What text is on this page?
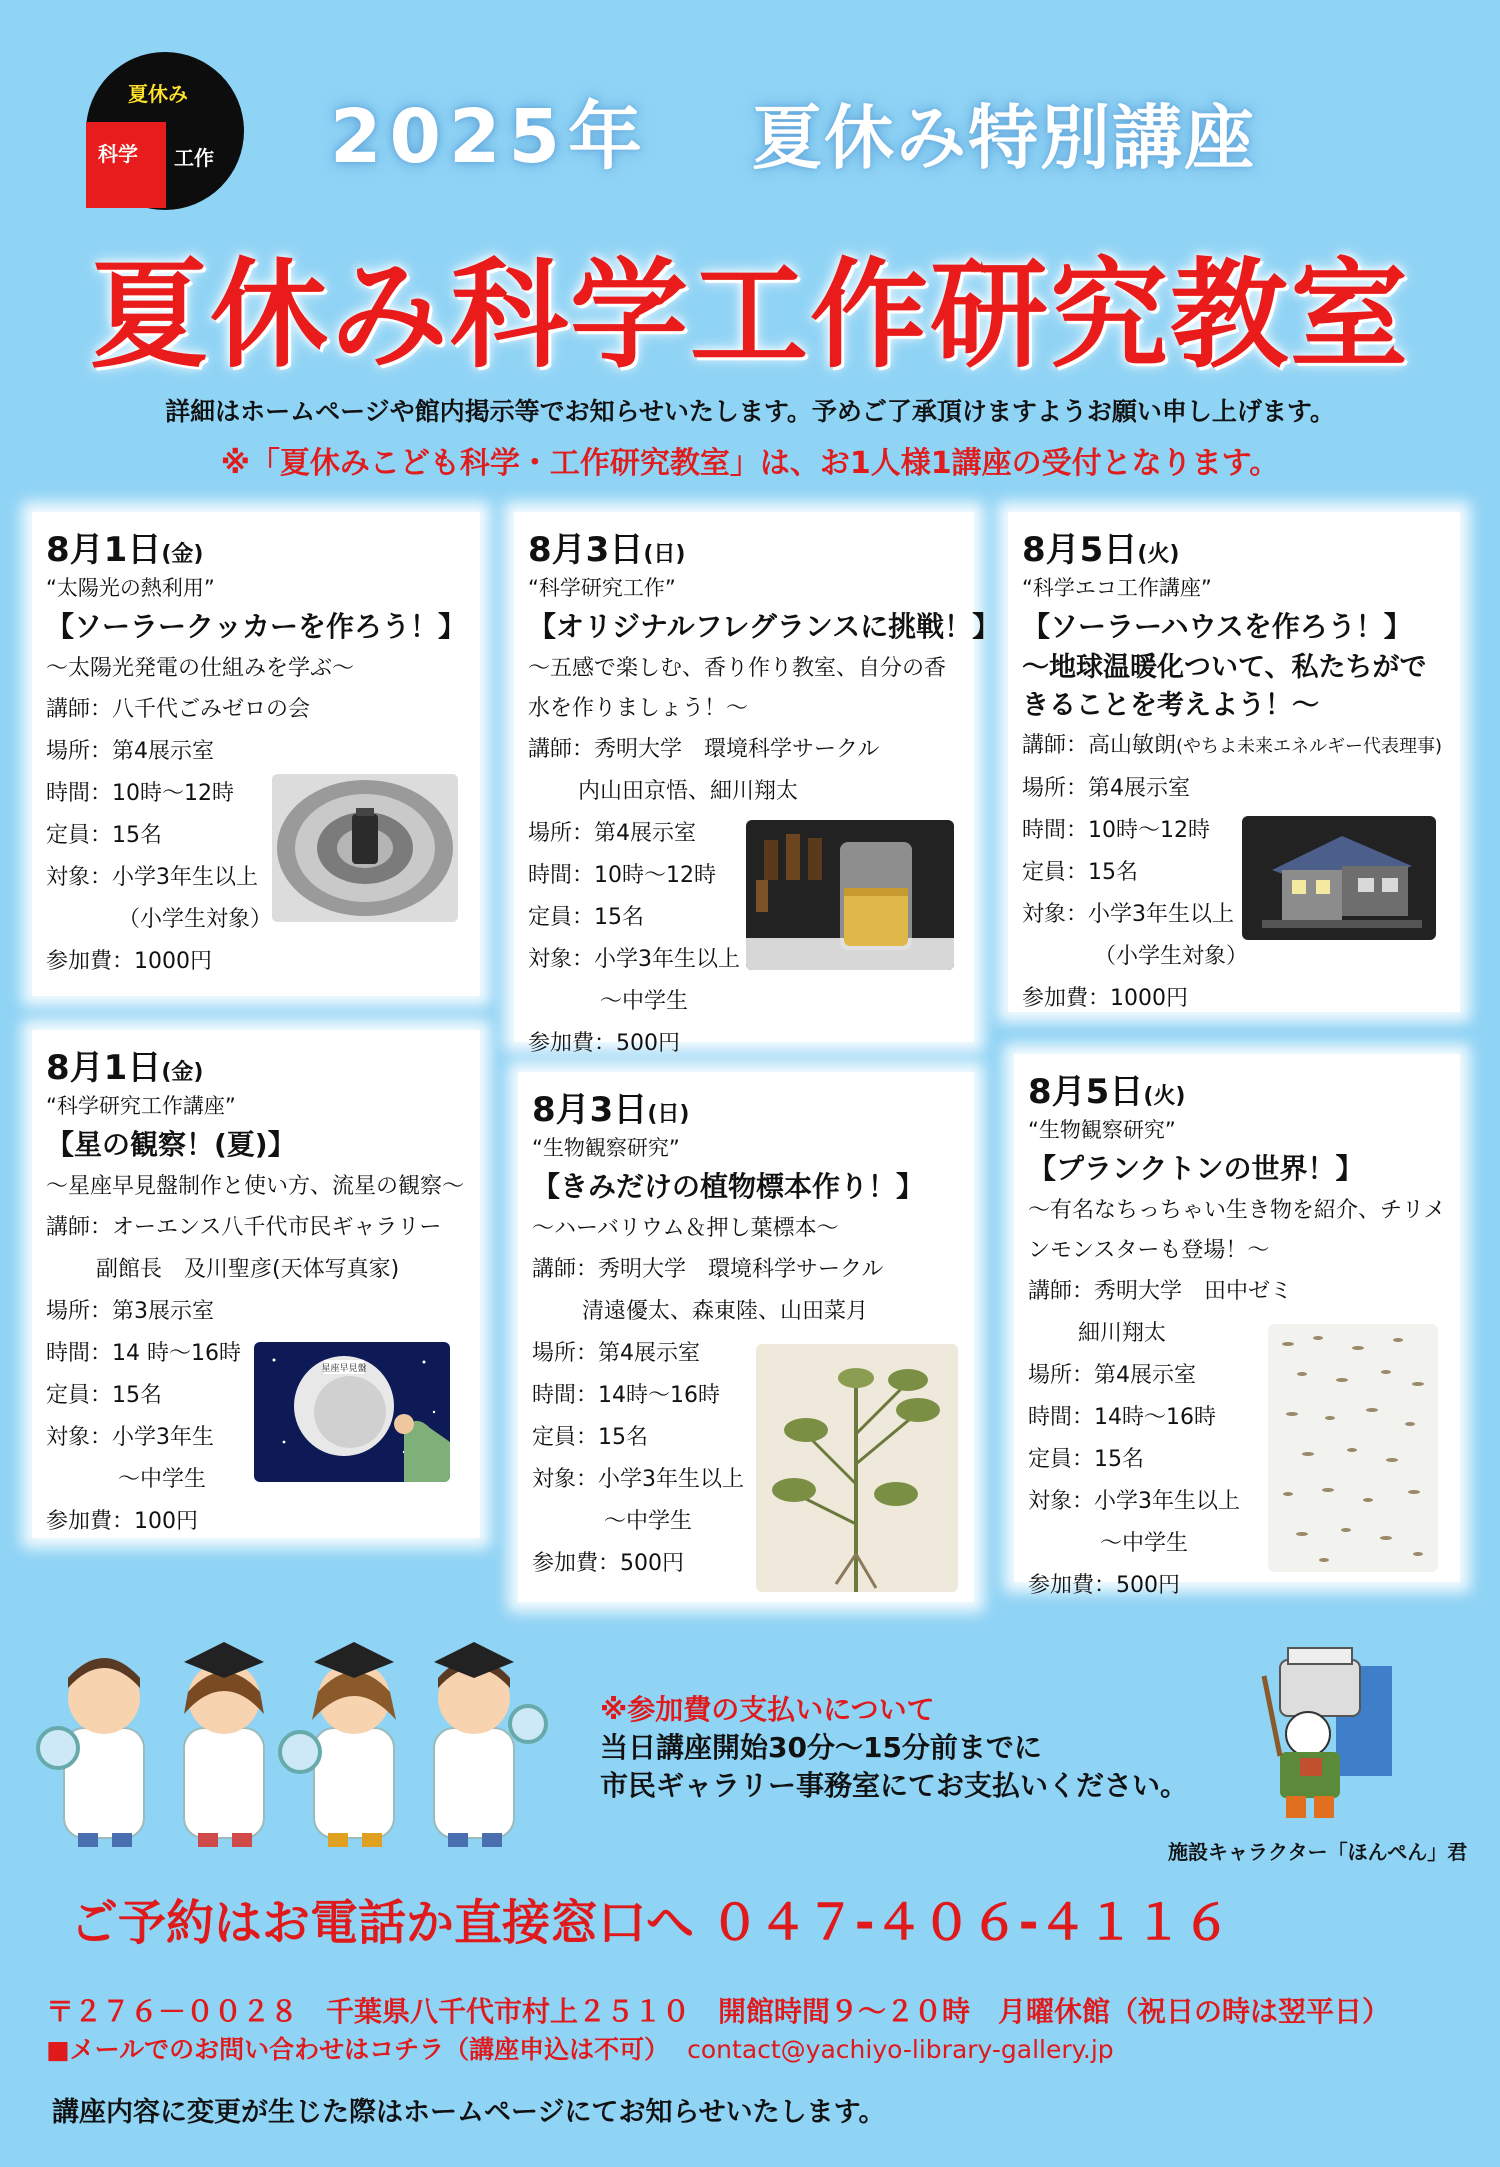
夏休み
科学 工作 2025年 夏休み特別講座
夏休み科学工作研究教室
詳細はホームページや館内掲示等でお知らせいたします。予めご了承頂けますようお願い申し上げます。
※「夏休みこども科学・工作研究教室」は、お1人様1講座の受付となります。
8月1日(金)
“太陽光の熱利用”
【ソーラークッカーを作ろう！】
～太陽光発電の仕組みを学ぶ～
講師：八千代ごみゼロの会
場所：第4展示室
時間：10時～12時
定員：15名
対象：小学3年生以上
（小学生対象）
参加費：1000円
8月3日(日)
“科学研究工作”
【オリジナルフレグランスに挑戦！】
～五感で楽しむ、香り作り教室、自分の香水を作りましょう！～
講師：秀明大学　環境科学サークル
内山田京悟、細川翔太
場所：第4展示室
時間：10時～12時
定員：15名
対象：小学3年生以上
～中学生
参加費：500円
8月5日(火)
“科学エコ工作講座”
【ソーラーハウスを作ろう！】
～地球温暖化ついて、私たちができることを考えよう！～
講師：高山敏朗(やちよ未来エネルギー代表理事)
場所：第4展示室
時間：10時～12時
定員：15名
対象：小学3年生以上
（小学生対象）
参加費：1000円
8月1日(金)
“科学研究工作講座”
【星の観察！(夏)】
～星座早見盤制作と使い方、流星の観察～
講師：オーエンス八千代市民ギャラリー
副館長　及川聖彦(天体写真家)
場所：第3展示室
時間：14 時～16時
定員：15名
対象：小学3年生
～中学生
参加費：100円
星座早見盤
8月3日(日)
“生物観察研究”
【きみだけの植物標本作り！】
～ハーバリウム＆押し葉標本～
講師：秀明大学　環境科学サークル
清遠優太、森東陸、山田菜月
場所：第4展示室
時間：14時～16時
定員：15名
対象：小学3年生以上
～中学生
参加費：500円
8月5日(火)
“生物観察研究”
【プランクトンの世界！】
～有名なちっちゃい生き物を紹介、チリメンモンスターも登場！～
講師：秀明大学　田中ゼミ
細川翔太
場所：第4展示室
時間：14時～16時
定員：15名
対象：小学3年生以上
～中学生
参加費：500円
※参加費の支払いについて
当日講座開始30分～15分前までに
市民ギャラリー事務室にてお支払いください。
施設キャラクター「ほんぺん」君
ご予約はお電話か直接窓口へ ０４７-４０６-４１１６
〒２７６－００２８　千葉県八千代市村上２５１０　開館時間９～２０時　月曜休館（祝日の時は翌平日）
■メールでのお問い合わせはコチラ（講座申込は不可） contact@yachiyo-library-gallery.jp
講座内容に変更が生じた際はホームページにてお知らせいたします。
